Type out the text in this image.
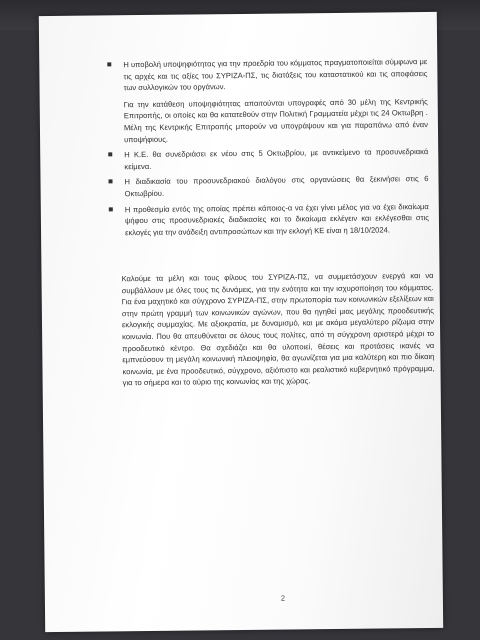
Η υποβολή υποψηφιότητας για την προεδρία του κόμματος πραγματοποιείται σύμφωνα με τις αρχές και τις αξίες του ΣΥΡΙΖΑ-ΠΣ, τις διατάξεις του καταστατικού και τις αποφάσεις των συλλογικών του οργάνων.
Για την κατάθεση υποψηφιότητας απαιτούνται υπογραφές από 30 μέλη της Κεντρικής Επιτροπής, οι οποίες και θα κατατεθούν στην Πολιτική Γραμματεία μέχρι τις 24 Οκτωβρη . Μέλη της Κεντρικής Επιτροπής μπορούν να υπογράψουν και για παραπάνω από έναν υποψήφιους.
Η Κ.Ε. θα συνεδριάσει εκ νέου στις 5 Οκτωβρίου, με αντικείμενο τα προσυνεδριακά κείμενα.
Η διαδικασία του προσυνεδριακού διαλόγου στις οργανώσεις θα ξεκινήσει στις 6 Οκτωβρίου.
Η προθεσμία εντός της οποίας πρέπει κάποιος-α να έχει γίνει μέλος για να έχει δικαίωμα ψήφου στις προσυνεδριακές διαδικασίες και το δικαίωμα εκλέγειν και εκλέγεσθαι στις εκλογές για την ανάδειξη αντιπροσώπων και την εκλογή ΚΕ είναι η 18/10/2024.

Καλούμε τα μέλη και τους φίλους του ΣΥΡΙΖΑ-ΠΣ, να συμμετάσχουν ενεργά και να συμβάλλουν με όλες τους τις δυνάμεις, για την ενότητα και την ισχυροποίηση του κόμματος. Για ένα μαχητικό και σύγχρονο ΣΥΡΙΖΑ-ΠΣ, στην πρωτοπορία των κοινωνικών εξελίξεων και στην πρώτη γραμμή των κοινωνικών αγώνων, που θα ηγηθεί μιας μεγάλης προοδευτικής εκλογικής συμμαχίας. Με αξιοκρατία, με δυναμισμό, και με ακόμα μεγαλύτερο ρίζωμα στην κοινωνία. Που θα απευθύνεται σε όλους τους πολίτες, από τη σύγχρονη αριστερά μέχρι το προοδευτικό κέντρο. Θα σχεδιάζει και θα υλοποιεί, θέσεις και προτάσεις ικανές να εμπνεύσουν τη μεγάλη κοινωνική πλειοψηφία, θα αγωνίζεται για μια καλύτερη και πιο δίκαιη κοινωνία, με ένα προοδευτικό, σύγχρονο, αξιόπιστο και ρεαλιστικό κυβερνητικό πρόγραμμα, για το σήμερα και το αύριο της κοινωνίας και της χώρας.

2
